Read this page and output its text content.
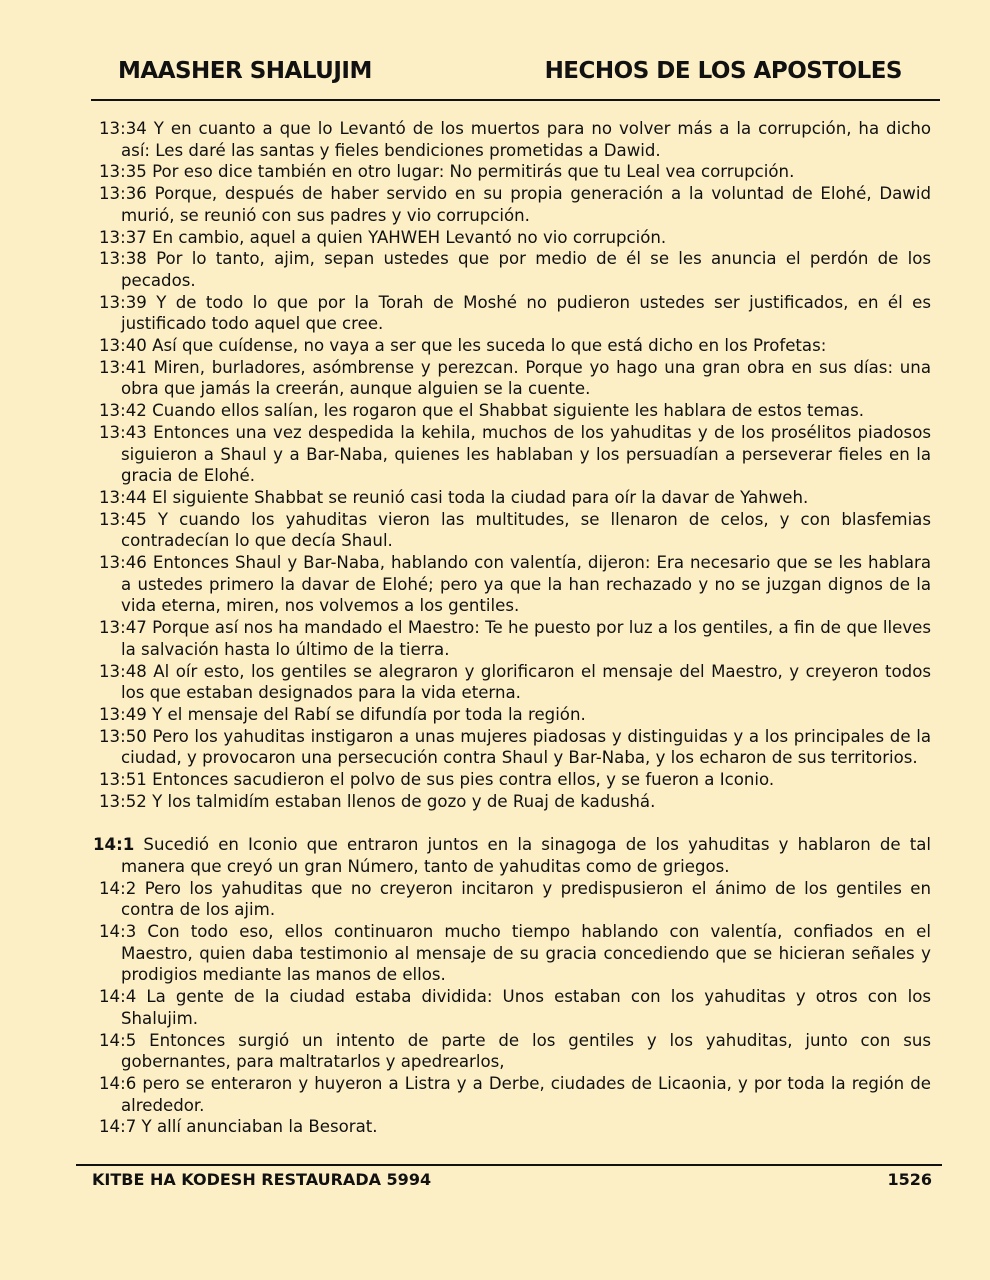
MAASHER SHALUJIM	HECHOS DE LOS APOSTOLES

13:34 Y en cuanto a que lo Levantó de los muertos para no volver más a la corrupción, ha dicho así: Les daré las santas y fieles bendiciones prometidas a Dawid.

13:35 Por eso dice también en otro lugar: No permitirás que tu Leal vea corrupción.

13:36 Porque, después de haber servido en su propia generación a la voluntad de Elohé, Dawid murió, se reunió con sus padres y vio corrupción.

13:37 En cambio, aquel a quien YAHWEH Levantó no vio corrupción.

13:38 Por lo tanto, ajim, sepan ustedes que por medio de él se les anuncia el perdón de los pecados.

13:39 Y de todo lo que por la Torah de Moshé no pudieron ustedes ser justificados, en él es justificado todo aquel que cree.

13:40 Así que cuídense, no vaya a ser que les suceda lo que está dicho en los Profetas:

13:41 Miren, burladores, asómbrense y perezcan. Porque yo hago una gran obra en sus días: una obra que jamás la creerán, aunque alguien se la cuente.

13:42 Cuando ellos salían, les rogaron que el Shabbat siguiente les hablara de estos temas.

13:43 Entonces una vez despedida la kehila, muchos de los yahuditas y de los prosélitos piadosos siguieron a Shaul y a Bar-Naba, quienes les hablaban y los persuadían a perseverar fieles en la gracia de Elohé.

13:44 El siguiente Shabbat se reunió casi toda la ciudad para oír la davar de Yahweh.

13:45 Y cuando los yahuditas vieron las multitudes, se llenaron de celos, y con blasfemias contradecían lo que decía Shaul.

13:46 Entonces Shaul y Bar-Naba, hablando con valentía, dijeron: Era necesario que se les hablara a ustedes primero la davar de Elohé; pero ya que la han rechazado y no se juzgan dignos de la vida eterna, miren, nos volvemos a los gentiles.

13:47 Porque así nos ha mandado el Maestro: Te he puesto por luz a los gentiles, a fin de que lleves la salvación hasta lo último de la tierra.

13:48 Al oír esto, los gentiles se alegraron y glorificaron el mensaje del Maestro, y creyeron todos los que estaban designados para la vida eterna.

13:49 Y el mensaje del Rabí se difundía por toda la región.

13:50 Pero los yahuditas instigaron a unas mujeres piadosas y distinguidas y a los principales de la ciudad, y provocaron una persecución contra Shaul y Bar-Naba, y los echaron de sus territorios.

13:51 Entonces sacudieron el polvo de sus pies contra ellos, y se fueron a Iconio.

13:52 Y los talmidím estaban llenos de gozo y de Ruaj de kadushá.

14:1 Sucedió en Iconio que entraron juntos en la sinagoga de los yahuditas y hablaron de tal manera que creyó un gran Número, tanto de yahuditas como de griegos.

14:2 Pero los yahuditas que no creyeron incitaron y predispusieron el ánimo de los gentiles en contra de los ajim.

14:3 Con todo eso, ellos continuaron mucho tiempo hablando con valentía, confiados en el Maestro, quien daba testimonio al mensaje de su gracia concediendo que se hicieran señales y prodigios mediante las manos de ellos.

14:4 La gente de la ciudad estaba dividida: Unos estaban con los yahuditas y otros con los Shalujim.

14:5 Entonces surgió un intento de parte de los gentiles y los yahuditas, junto con sus gobernantes, para maltratarlos y apedrearlos,

14:6 pero se enteraron y huyeron a Listra y a Derbe, ciudades de Licaonia, y por toda la región de alrededor.

14:7 Y allí anunciaban la Besorat.

KITBE HA KODESH RESTAURADA 5994	1526
